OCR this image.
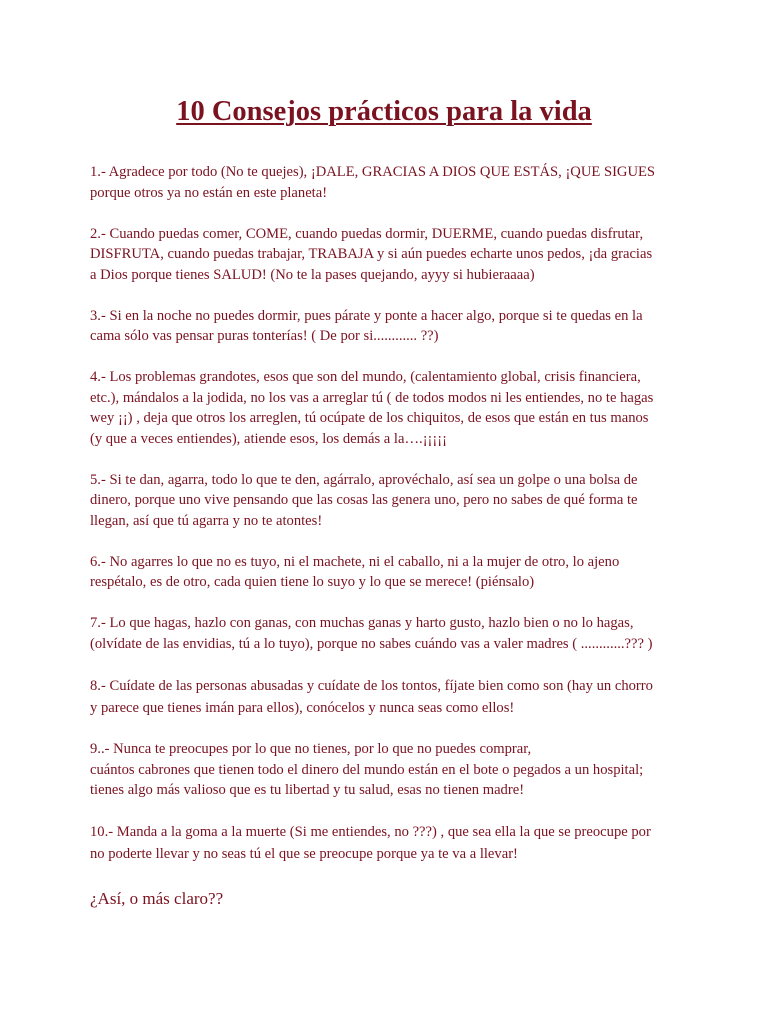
10 Consejos prácticos para la vida

1.- Agradece por todo (No te quejes), ¡DALE, GRACIAS A DIOS QUE ESTÁS, ¡QUE SIGUES
porque otros ya no están en este planeta!

2.- Cuando puedas comer, COME, cuando puedas dormir, DUERME, cuando puedas disfrutar,
DISFRUTA, cuando puedas trabajar, TRABAJA y si aún puedes echarte unos pedos, ¡da gracias
a Dios porque tienes SALUD! (No te la pases quejando, ayyy si hubieraaaa)

3.- Si en la noche no puedes dormir, pues párate y ponte a hacer algo, porque si te quedas en la
cama sólo vas pensar puras tonterías! ( De por si............ ??)

4.- Los problemas grandotes, esos que son del mundo, (calentamiento global, crisis financiera,
etc.), mándalos a la jodida, no los vas a arreglar tú ( de todos modos ni les entiendes, no te hagas
wey ¡¡) , deja que otros los arreglen, tú ocúpate de los chiquitos, de esos que están en tus manos
(y que a veces entiendes), atiende esos, los demás a la….¡¡¡¡¡

5.- Si te dan, agarra, todo lo que te den, agárralo, aprovéchalo, así sea un golpe o una bolsa de
dinero, porque uno vive pensando que las cosas las genera uno, pero no sabes de qué forma te
llegan, así que tú agarra y no te atontes!

6.- No agarres lo que no es tuyo, ni el machete, ni el caballo, ni a la mujer de otro, lo ajeno
respétalo, es de otro, cada quien tiene lo suyo y lo que se merece! (piénsalo)

7.- Lo que hagas, hazlo con ganas, con muchas ganas y harto gusto, hazlo bien o no lo hagas,
(olvídate de las envidias, tú a lo tuyo), porque no sabes cuándo vas a valer madres ( ............??? )

8.- Cuídate de las personas abusadas y cuídate de los tontos, fíjate bien como son (hay un chorro
y parece que tienes imán para ellos), conócelos y nunca seas como ellos!

9..- Nunca te preocupes por lo que no tienes, por lo que no puedes comprar,
cuántos cabrones que tienen todo el dinero del mundo están en el bote o pegados a un hospital;
tienes algo más valioso que es tu libertad y tu salud, esas no tienen madre!

10.- Manda a la goma a la muerte (Si me entiendes, no ???) , que sea ella la que se preocupe por
no poderte llevar y no seas tú el que se preocupe porque ya te va a llevar!

¿Así, o más claro??
